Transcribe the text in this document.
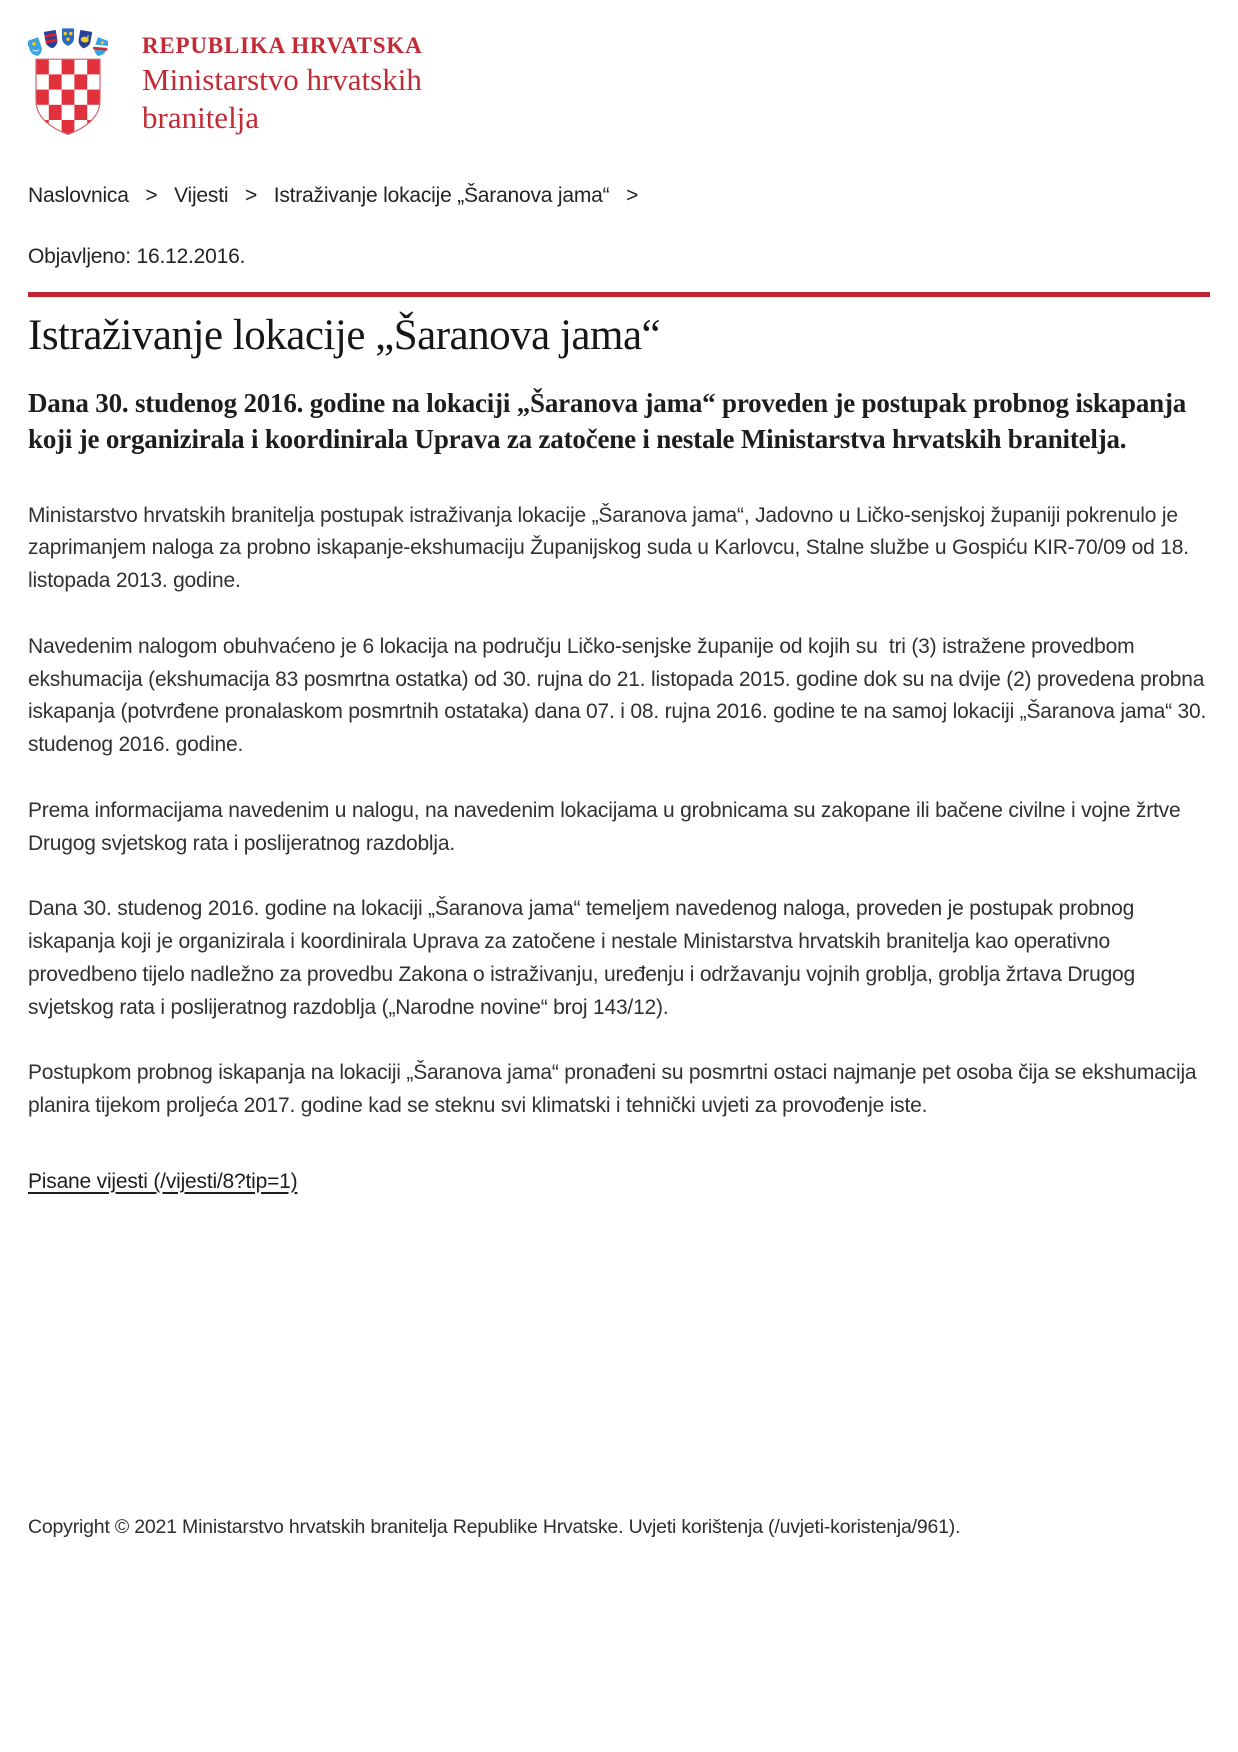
REPUBLIKA HRVATSKA
Ministarstvo hrvatskih branitelja
Naslovnica > Vijesti > Istraživanje lokacije „Šaranova jama“ >
Objavljeno: 16.12.2016.
Istraživanje lokacije „Šaranova jama“

Dana 30. studenog 2016. godine na lokaciji „Šaranova jama“ proveden je postupak probnog iskapanja koji je organizirala i koordinirala Uprava za zatočene i nestale Ministarstva hrvatskih branitelja.

Ministarstvo hrvatskih branitelja postupak istraživanja lokacije „Šaranova jama“, Jadovno u Ličko-senjskoj županiji pokrenulo je zaprimanjem naloga za probno iskapanje-ekshumaciju Županijskog suda u Karlovcu, Stalne službe u Gospiću KIR-70/09 od 18. listopada 2013. godine.

Navedenim nalogom obuhvaćeno je 6 lokacija na području Ličko-senjske županije od kojih su  tri (3) istražene provedbom ekshumacija (ekshumacija 83 posmrtna ostatka) od 30. rujna do 21. listopada 2015. godine dok su na dvije (2) provedena probna iskapanja (potvrđene pronalaskom posmrtnih ostataka) dana 07. i 08. rujna 2016. godine te na samoj lokaciji „Šaranova jama“ 30. studenog 2016. godine.

Prema informacijama navedenim u nalogu, na navedenim lokacijama u grobnicama su zakopane ili bačene civilne i vojne žrtve Drugog svjetskog rata i poslijeratnog razdoblja.

Dana 30. studenog 2016. godine na lokaciji „Šaranova jama“ temeljem navedenog naloga, proveden je postupak probnog iskapanja koji je organizirala i koordinirala Uprava za zatočene i nestale Ministarstva hrvatskih branitelja kao operativno provedbeno tijelo nadležno za provedbu Zakona o istraživanju, uređenju i održavanju vojnih groblja, groblja žrtava Drugog svjetskog rata i poslijeratnog razdoblja („Narodne novine“ broj 143/12).

Postupkom probnog iskapanja na lokaciji „Šaranova jama“ pronađeni su posmrtni ostaci najmanje pet osoba čija se ekshumacija planira tijekom proljeća 2017. godine kad se steknu svi klimatski i tehnički uvjeti za provođenje iste.

Pisane vijesti (/vijesti/8?tip=1)
Copyright © 2021 Ministarstvo hrvatskih branitelja Republike Hrvatske. Uvjeti korištenja (/uvjeti-koristenja/961).
